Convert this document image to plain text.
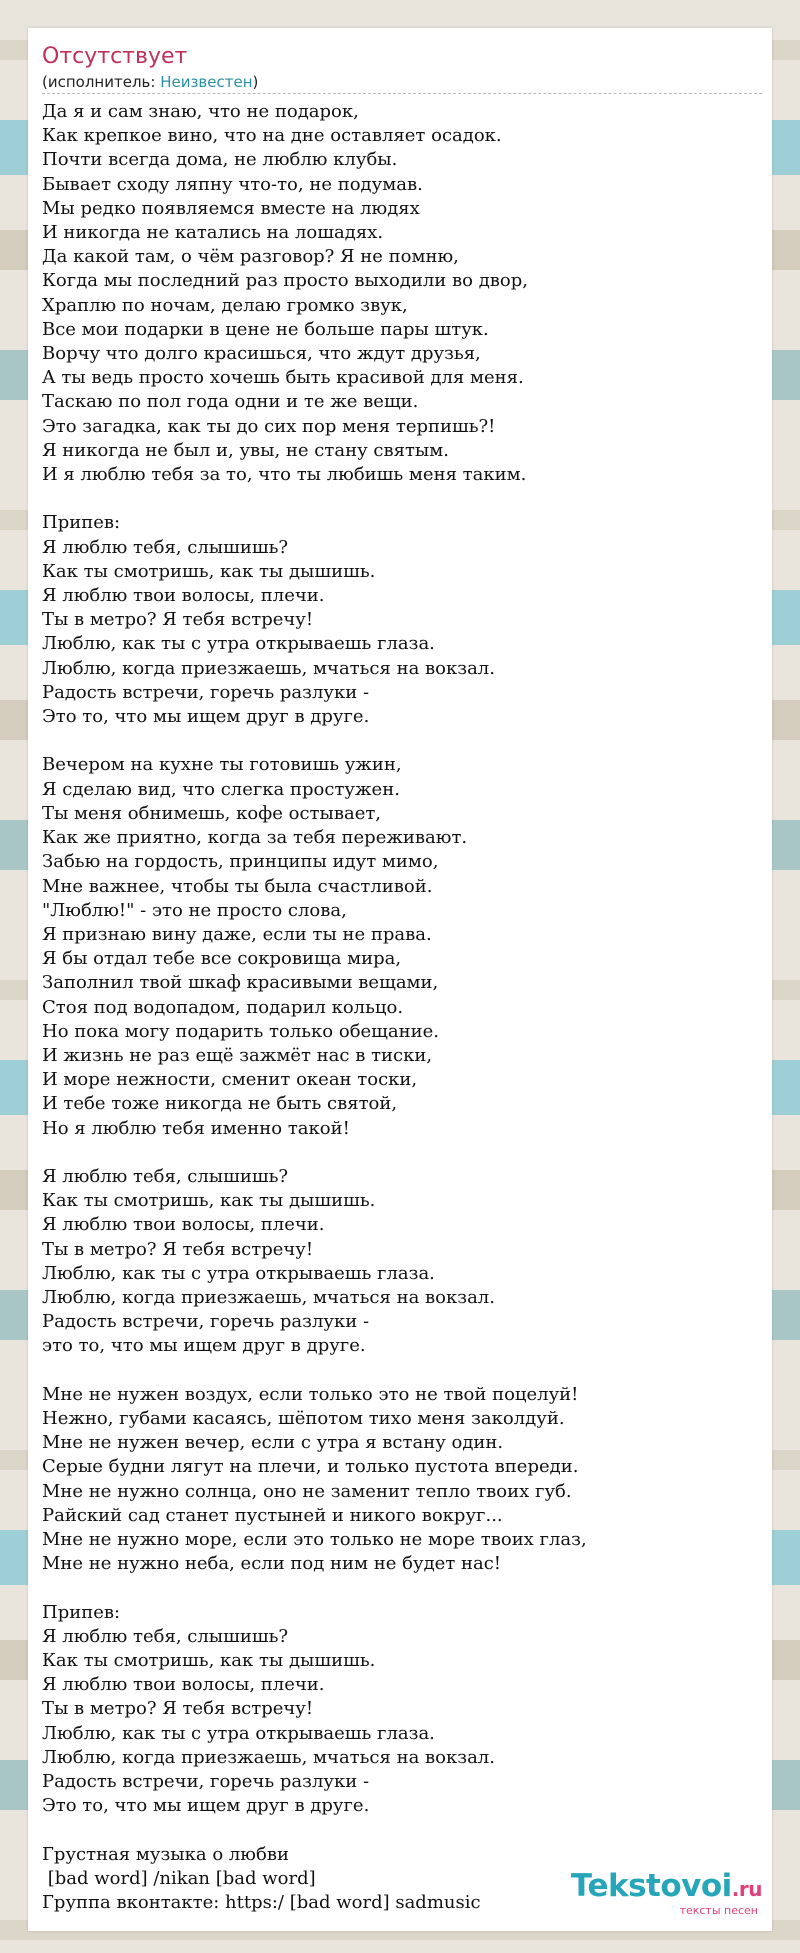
Отсутствует
(исполнитель: Неизвестен)
Да я и сам знаю, что не подарок,
Как крепкое вино, что на дне оставляет осадок.
Почти всегда дома, не люблю клубы.
Бывает сходу ляпну что-то, не подумав.
Мы редко появляемся вместе на людях
И никогда не катались на лошадях.
Да какой там, о чём разговор? Я не помню,
Когда мы последний раз просто выходили во двор,
Храплю по ночам, делаю громко звук,
Все мои подарки в цене не больше пары штук.
Ворчу что долго красишься, что ждут друзья,
А ты ведь просто хочешь быть красивой для меня.
Таскаю по пол года одни и те же вещи.
Это загадка, как ты до сих пор меня терпишь?!
Я никогда не был и, увы, не стану святым.
И я люблю тебя за то, что ты любишь меня таким.

Припев:
Я люблю тебя, слышишь?
Как ты смотришь, как ты дышишь.
Я люблю твои волосы, плечи.
Ты в метро? Я тебя встречу!
Люблю, как ты с утра открываешь глаза.
Люблю, когда приезжаешь, мчаться на вокзал.
Радость встречи, горечь разлуки -
Это то, что мы ищем друг в друге.

Вечером на кухне ты готовишь ужин,
Я сделаю вид, что слегка простужен.
Ты меня обнимешь, кофе остывает,
Как же приятно, когда за тебя переживают.
Забью на гордость, принципы идут мимо,
Мне важнее, чтобы ты была счастливой.
"Люблю!" - это не просто слова,
Я признаю вину даже, если ты не права.
Я бы отдал тебе все сокровища мира,
Заполнил твой шкаф красивыми вещами,
Стоя под водопадом, подарил кольцо.
Но пока могу подарить только обещание.
И жизнь не раз ещё зажмёт нас в тиски,
И море нежности, сменит океан тоски,
И тебе тоже никогда не быть святой,
Но я люблю тебя именно такой!

Я люблю тебя, слышишь?
Как ты смотришь, как ты дышишь.
Я люблю твои волосы, плечи.
Ты в метро? Я тебя встречу!
Люблю, как ты с утра открываешь глаза.
Люблю, когда приезжаешь, мчаться на вокзал.
Радость встречи, горечь разлуки -
это то, что мы ищем друг в друге.

Мне не нужен воздух, если только это не твой поцелуй!
Нежно, губами касаясь, шёпотом тихо меня заколдуй.
Мне не нужен вечер, если с утра я встану один.
Серые будни лягут на плечи, и только пустота впереди.
Мне не нужно солнца, оно не заменит тепло твоих губ.
Райский сад станет пустыней и никого вокруг...
Мне не нужно море, если это только не море твоих глаз,
Мне не нужно неба, если под ним не будет нас!

Припев:
Я люблю тебя, слышишь?
Как ты смотришь, как ты дышишь.
Я люблю твои волосы, плечи.
Ты в метро? Я тебя встречу!
Люблю, как ты с утра открываешь глаза.
Люблю, когда приезжаешь, мчаться на вокзал.
Радость встречи, горечь разлуки -
Это то, что мы ищем друг в друге.

Грустная музыка о любви
[bad word] /nikan [bad word]
Группа вконтакте: https:/ [bad word] sadmusic	Tekstovoi.ru
тексты песен
